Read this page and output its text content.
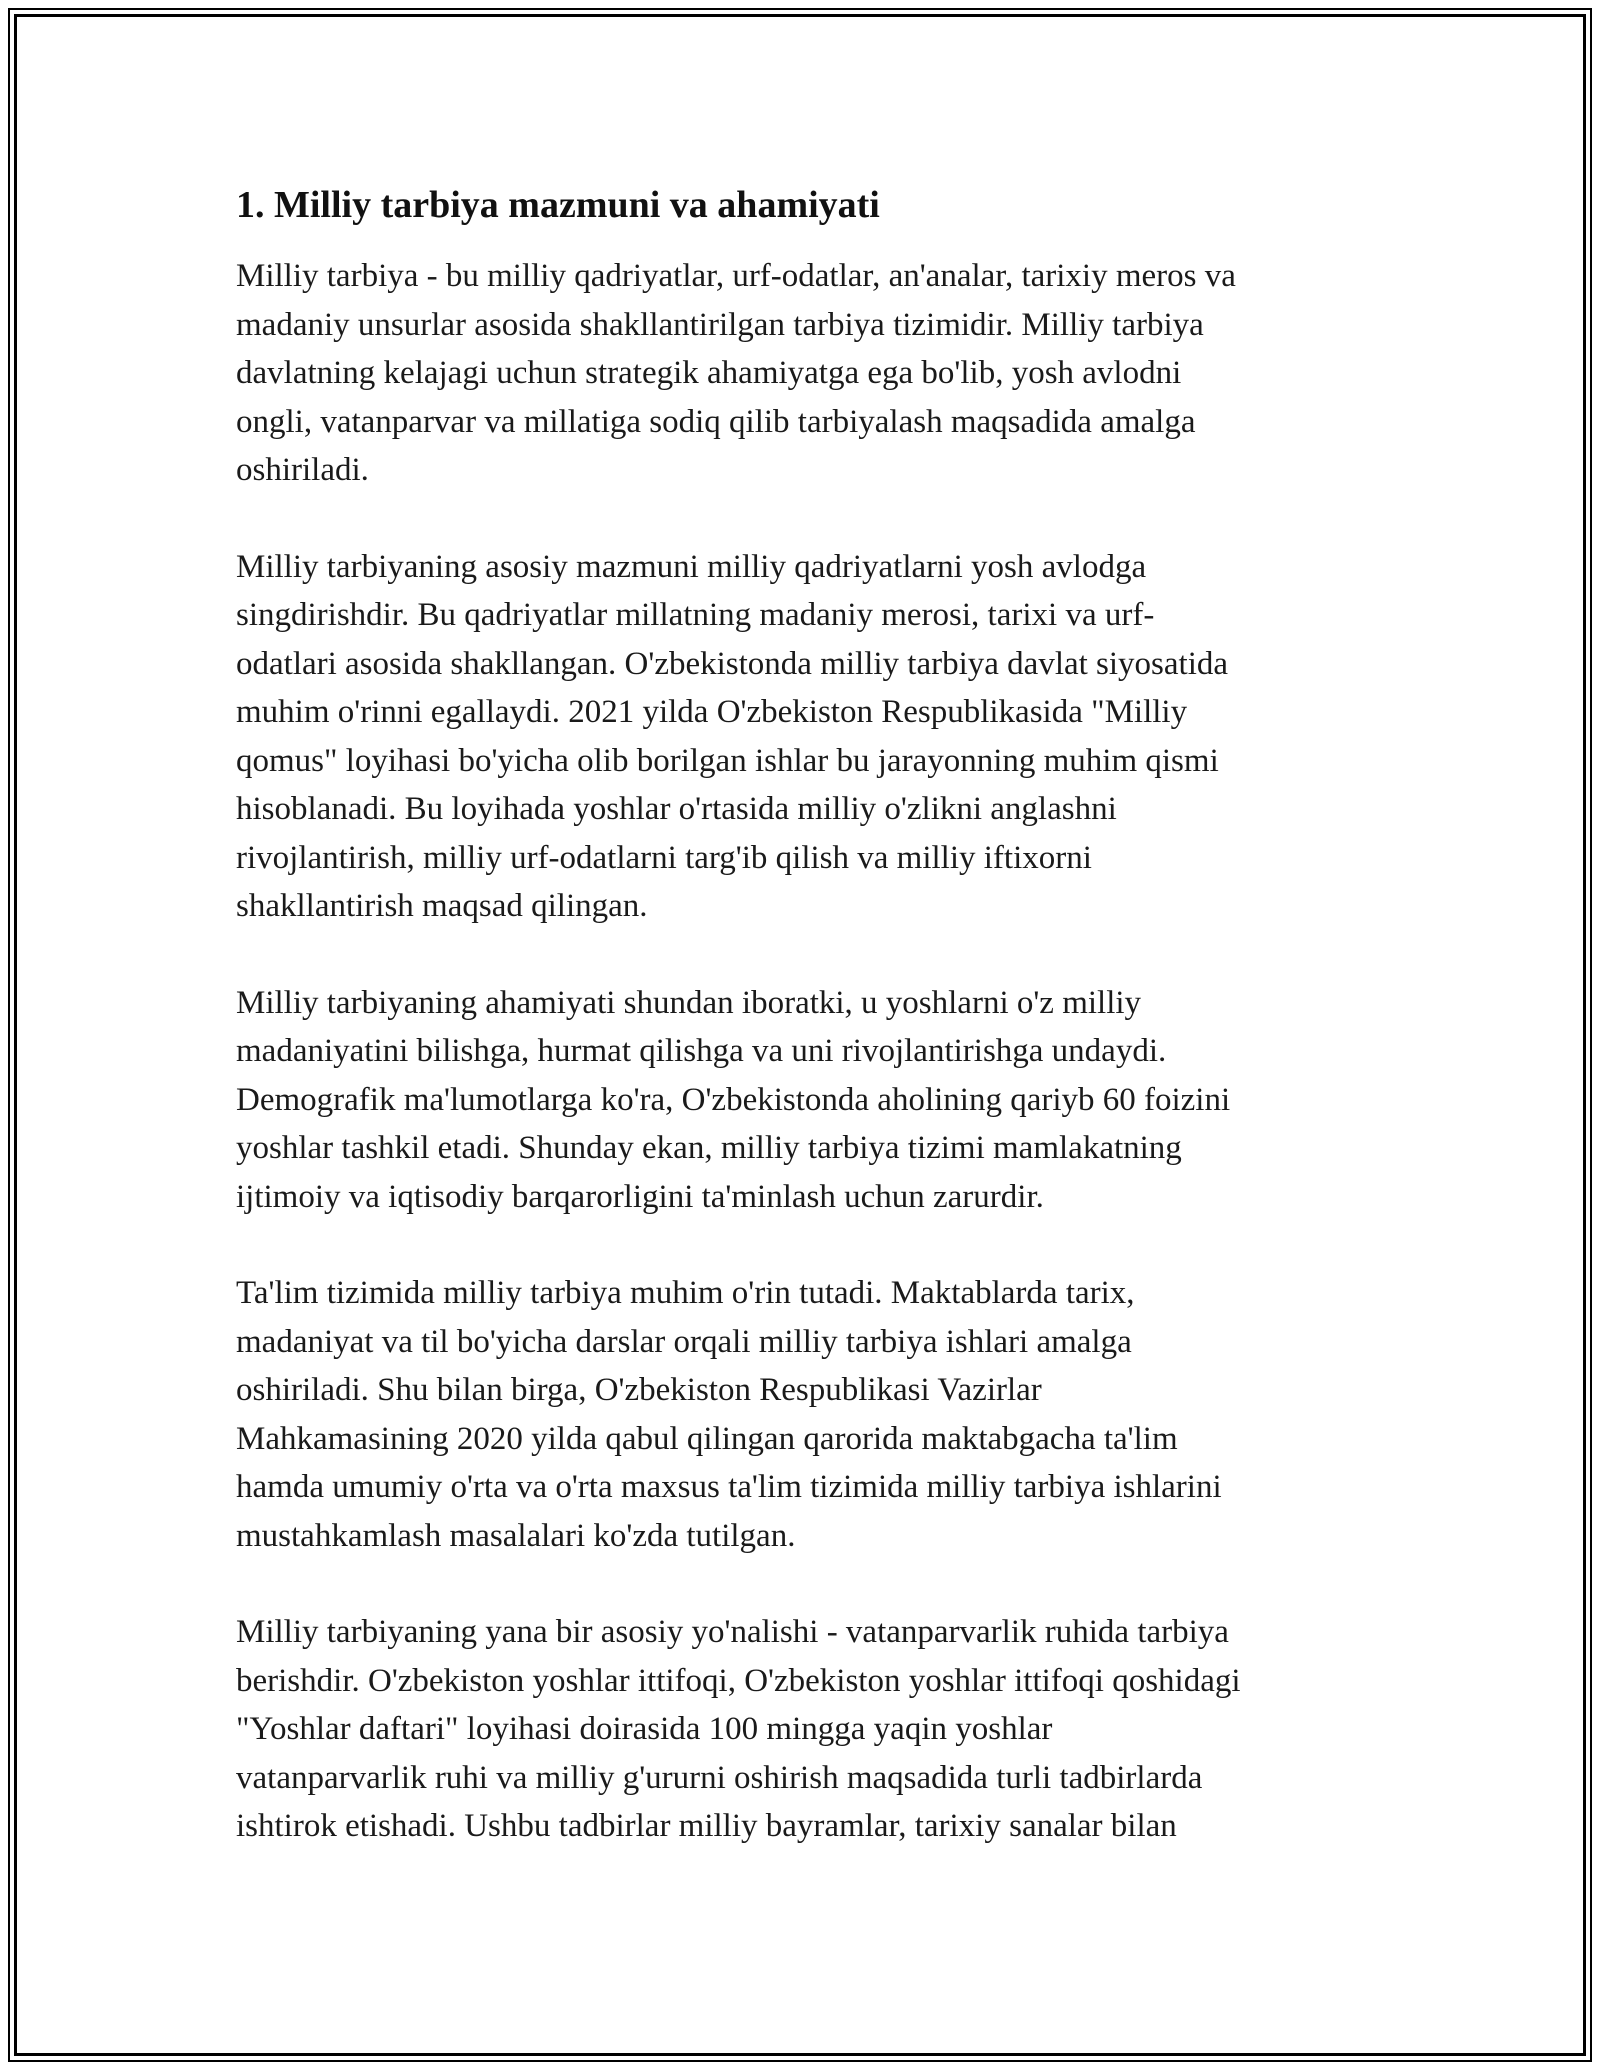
1. Milliy tarbiya mazmuni va ahamiyati

Milliy tarbiya - bu milliy qadriyatlar, urf-odatlar, an'analar, tarixiy meros va
madaniy unsurlar asosida shakllantirilgan tarbiya tizimidir. Milliy tarbiya
davlatning kelajagi uchun strategik ahamiyatga ega bo'lib, yosh avlodni
ongli, vatanparvar va millatiga sodiq qilib tarbiyalash maqsadida amalga
oshiriladi.

Milliy tarbiyaning asosiy mazmuni milliy qadriyatlarni yosh avlodga
singdirishdir. Bu qadriyatlar millatning madaniy merosi, tarixi va urf-
odatlari asosida shakllangan. O'zbekistonda milliy tarbiya davlat siyosatida
muhim o'rinni egallaydi. 2021 yilda O'zbekiston Respublikasida "Milliy
qomus" loyihasi bo'yicha olib borilgan ishlar bu jarayonning muhim qismi
hisoblanadi. Bu loyihada yoshlar o'rtasida milliy o'zlikni anglashni
rivojlantirish, milliy urf-odatlarni targ'ib qilish va milliy iftixorni
shakllantirish maqsad qilingan.

Milliy tarbiyaning ahamiyati shundan iboratki, u yoshlarni o'z milliy
madaniyatini bilishga, hurmat qilishga va uni rivojlantirishga undaydi.
Demografik ma'lumotlarga ko'ra, O'zbekistonda aholining qariyb 60 foizini
yoshlar tashkil etadi. Shunday ekan, milliy tarbiya tizimi mamlakatning
ijtimoiy va iqtisodiy barqarorligini ta'minlash uchun zarurdir.

Ta'lim tizimida milliy tarbiya muhim o'rin tutadi. Maktablarda tarix,
madaniyat va til bo'yicha darslar orqali milliy tarbiya ishlari amalga
oshiriladi. Shu bilan birga, O'zbekiston Respublikasi Vazirlar
Mahkamasining 2020 yilda qabul qilingan qarorida maktabgacha ta'lim
hamda umumiy o'rta va o'rta maxsus ta'lim tizimida milliy tarbiya ishlarini
mustahkamlash masalalari ko'zda tutilgan.

Milliy tarbiyaning yana bir asosiy yo'nalishi - vatanparvarlik ruhida tarbiya
berishdir. O'zbekiston yoshlar ittifoqi, O'zbekiston yoshlar ittifoqi qoshidagi
"Yoshlar daftari" loyihasi doirasida 100 mingga yaqin yoshlar
vatanparvarlik ruhi va milliy g'ururni oshirish maqsadida turli tadbirlarda
ishtirok etishadi. Ushbu tadbirlar milliy bayramlar, tarixiy sanalar bilan
